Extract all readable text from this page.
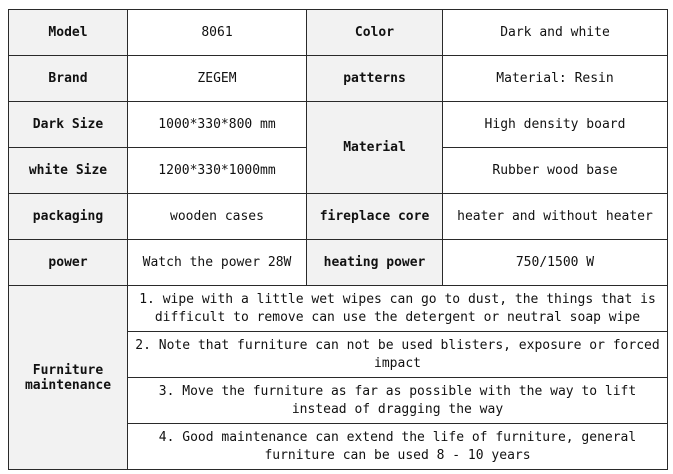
Model	8061	Color	Dark and white
Brand	ZEGEM	patterns	Material: Resin
Dark Size	1000*330*800 mm	Material	High density board
white Size	1200*330*1000mm		Rubber wood base
packaging	wooden cases	fireplace core	heater and without heater
power	Watch the power 28W	heating power	750/1500 W
Furniture maintenance	1. wipe with a little wet wipes can go to dust, the things that is difficult to remove can use the detergent or neutral soap wipe		
	2. Note that furniture can not be used blisters, exposure or forced impact		
	3. Move the furniture as far as possible with the way to lift instead of dragging the way		
	4. Good maintenance can extend the life of furniture, general furniture can be used 8 - 10 years		
